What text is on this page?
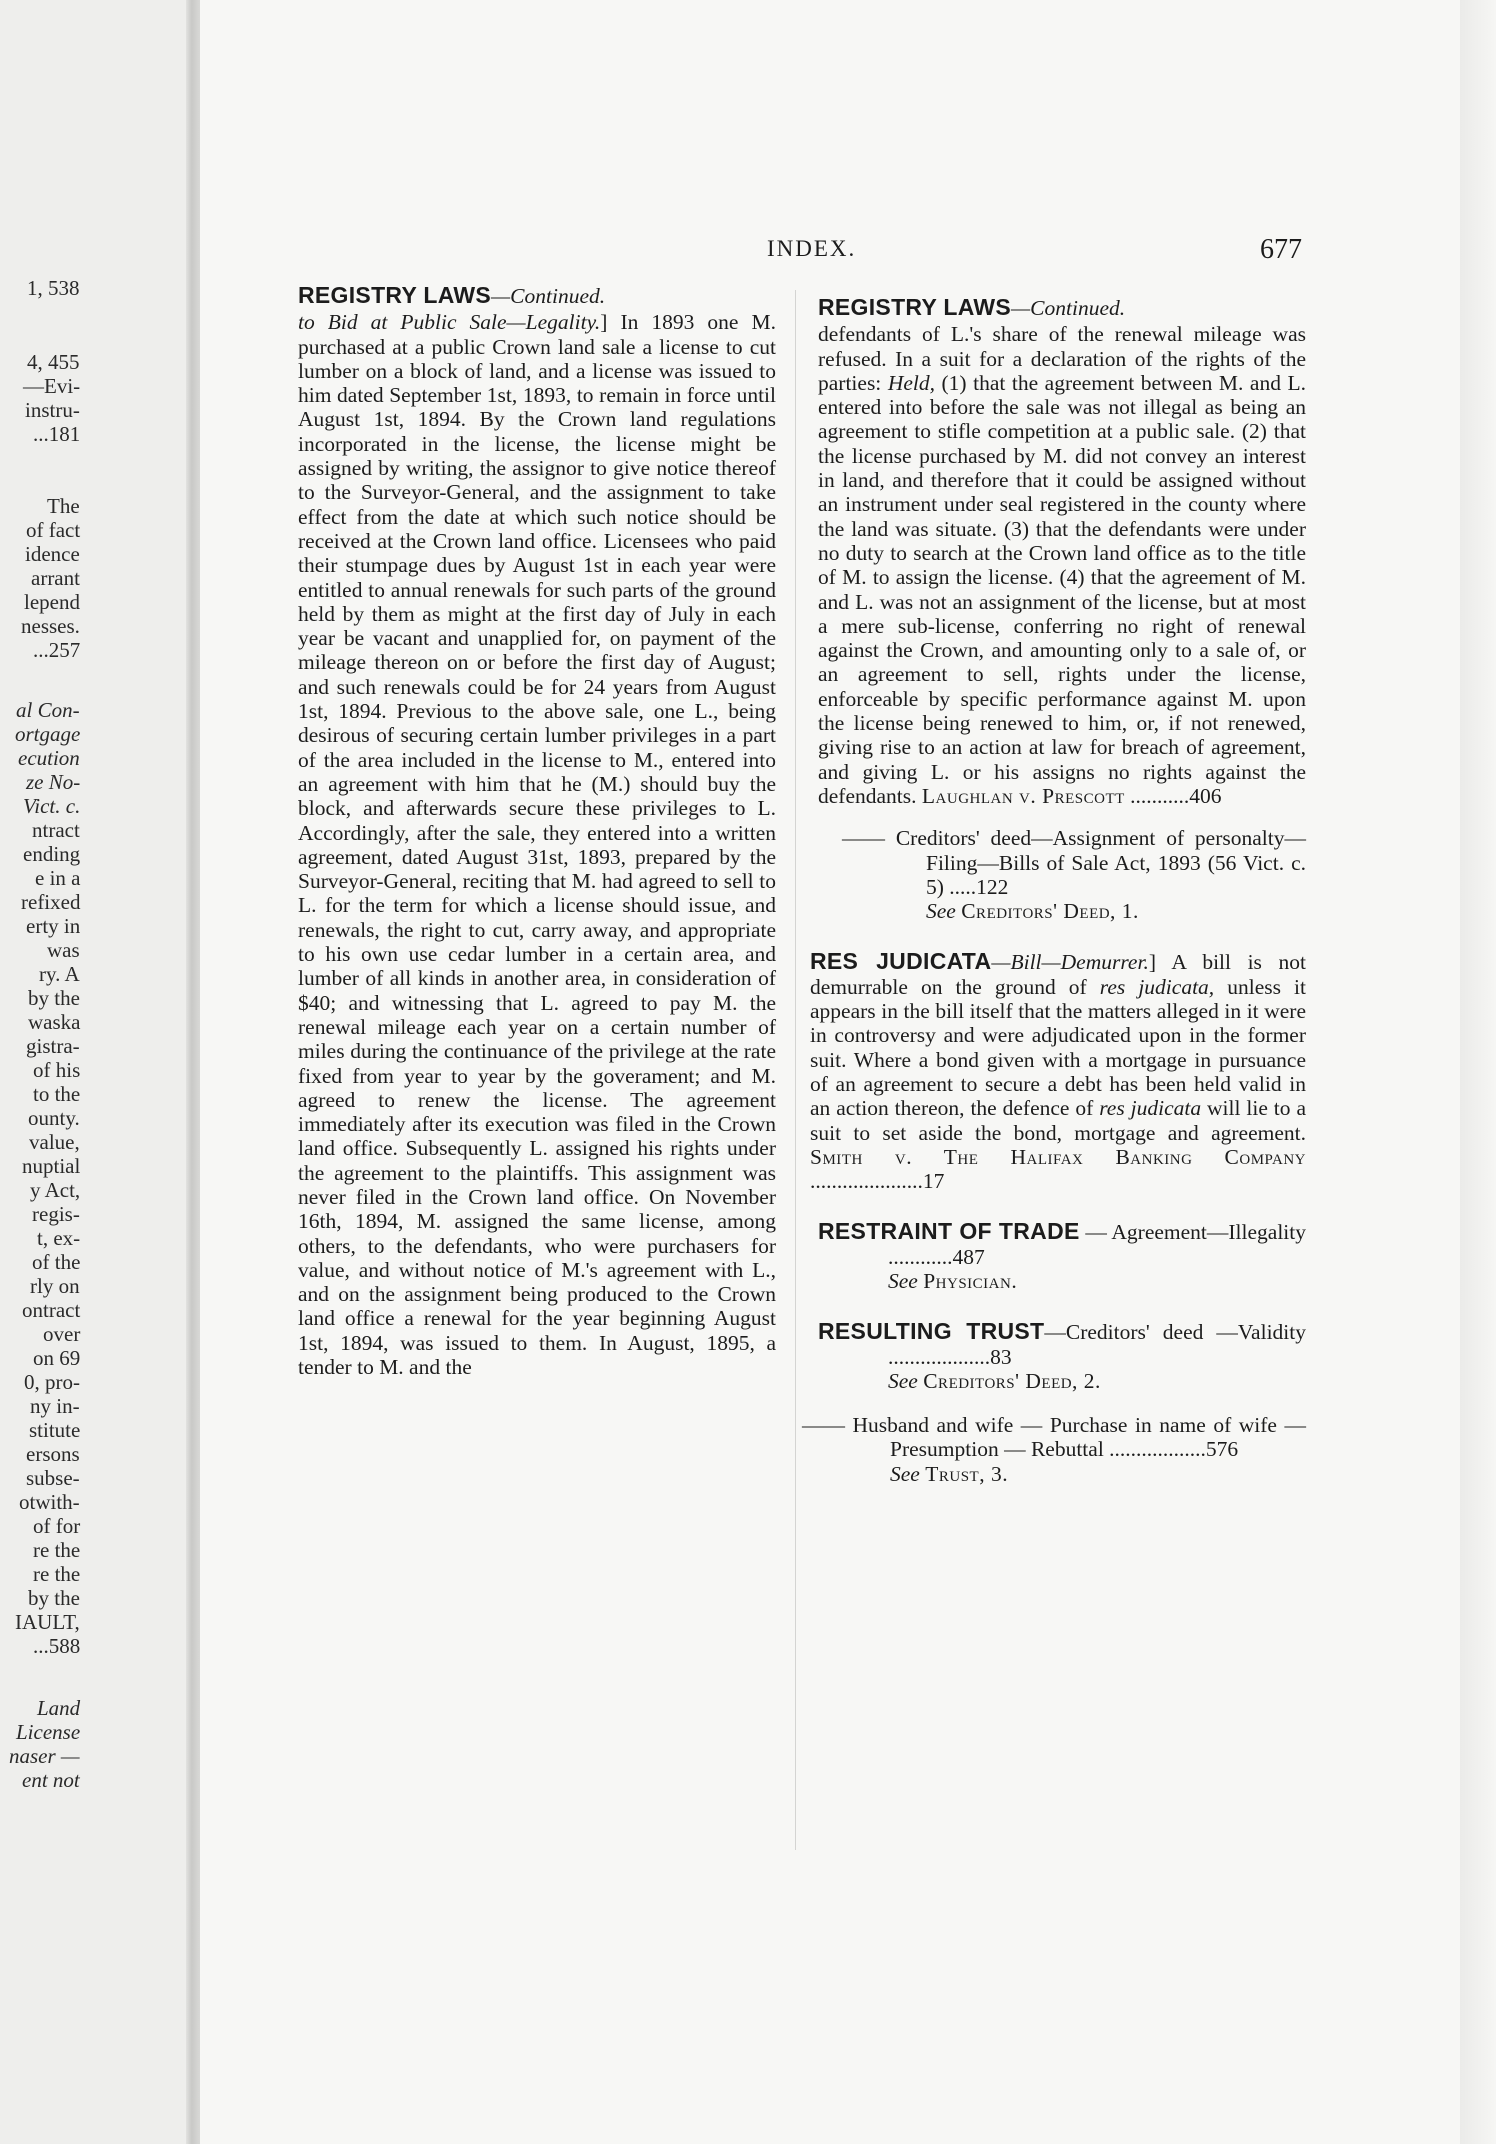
1, 538
4, 455
—Evi-
instru-
...181
The
of fact
idence
arrant
lepend
nesses.
...257
al Con-
ortgage
ecution
ze No-
Vict. c.
ntract
ending
e in a
refixed
erty in
was
ry. A
by the
waska
gistra-
of his
to the
ounty.
value,
nuptial
y Act,
regis-
t, ex-
of the
rly on
ontract
over
on 69
0, pro-
ny in-
stitute
ersons
subse-
otwith-
of for
re the
re the
by the
IAULT,
...588
Land
License
naser —
ent not
INDEX.	677

REGISTRY LAWS—Continued.

to Bid at Public Sale—Legality.] In 1893 one M. purchased at a public Crown land sale a license to cut lumber on a block of land, and a license was issued to him dated September 1st, 1893, to remain in force until August 1st, 1894. By the Crown land regulations incorporated in the license, the license might be assigned by writing, the assignor to give notice thereof to the Surveyor-General, and the assignment to take effect from the date at which such notice should be received at the Crown land office. Licensees who paid their stumpage dues by August 1st in each year were entitled to annual renewals for such parts of the ground held by them as might at the first day of July in each year be vacant and unapplied for, on payment of the mileage thereon on or before the first day of August; and such renewals could be for 24 years from August 1st, 1894. Previous to the above sale, one L., being desirous of securing certain lumber privileges in a part of the area included in the license to M., entered into an agreement with him that he (M.) should buy the block, and afterwards secure these privileges to L. Accordingly, after the sale, they entered into a written agreement, dated August 31st, 1893, prepared by the Surveyor-General, reciting that M. had agreed to sell to L. for the term for which a license should issue, and renewals, the right to cut, carry away, and appropriate to his own use cedar lumber in a certain area, and lumber of all kinds in another area, in consideration of $40; and witnessing that L. agreed to pay M. the renewal mileage each year on a certain number of miles during the continuance of the privilege at the rate fixed from year to year by the goverament; and M. agreed to renew the license. The agreement immediately after its execution was filed in the Crown land office. Subsequently L. assigned his rights under the agreement to the plaintiffs. This assignment was never filed in the Crown land office. On November 16th, 1894, M. assigned the same license, among others, to the defendants, who were purchasers for value, and without notice of M.'s agreement with L., and on the assignment being produced to the Crown land office a renewal for the year beginning August 1st, 1894, was issued to them. In August, 1895, a tender to M. and the

REGISTRY LAWS—Continued.

defendants of L.'s share of the renewal mileage was refused. In a suit for a declaration of the rights of the parties: Held, (1) that the agreement between M. and L. entered into before the sale was not illegal as being an agreement to stifle competition at a public sale. (2) that the license purchased by M. did not convey an interest in land, and therefore that it could be assigned without an instrument under seal registered in the county where the land was situate. (3) that the defendants were under no duty to search at the Crown land office as to the title of M. to assign the license. (4) that the agreement of M. and L. was not an assignment of the license, but at most a mere sub-license, conferring no right of renewal against the Crown, and amounting only to a sale of, or an agreement to sell, rights under the license, enforceable by specific performance against M. upon the license being renewed to him, or, if not renewed, giving rise to an action at law for breach of agreement, and giving L. or his assigns no rights against the defendants. Laughlan v. Prescott ...........406

—— Creditors' deed—Assignment of personalty—Filing—Bills of Sale Act, 1893 (56 Vict. c. 5) .....122

See Creditors' Deed, 1.

RES JUDICATA—Bill—Demurrer.] A bill is not demurrable on the ground of res judicata, unless it appears in the bill itself that the matters alleged in it were in controversy and were adjudicated upon in the former suit. Where a bond given with a mortgage in pursuance of an agreement to secure a debt has been held valid in an action thereon, the defence of res judicata will lie to a suit to set aside the bond, mortgage and agreement. Smith v. The Halifax Banking Company .....................17

RESTRAINT OF TRADE — Agreement—Illegality ............487

See Physician.

RESULTING TRUST—Creditors' deed —Validity ...................83

See Creditors' Deed, 2.

—— Husband and wife — Purchase in name of wife — Presumption — Rebuttal ..................576

See Trust, 3.
